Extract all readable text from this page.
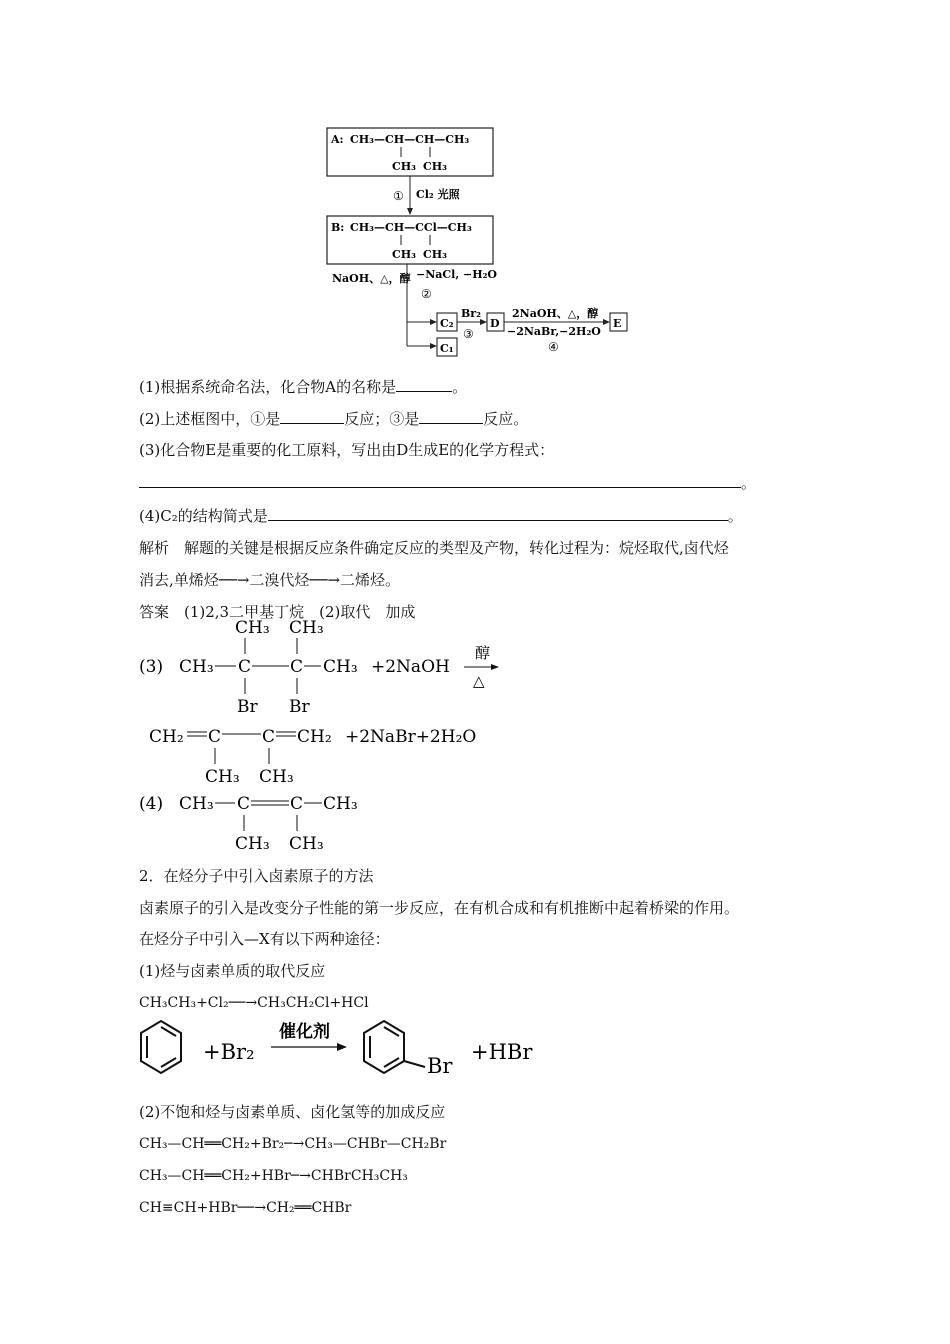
A: CH₃—CH—CH—CH₃
CH₃ CH₃
① Cl₂ 光照
B: CH₃—CH—CCl—CH₃
CH₃ CH₃
NaOH、△，醇 −NaCl, −H₂O
②
C₂
C₁
Br₂
③
D
2NaOH、△，醇
−2NaBr,−2H₂O
④
E
(1)根据系统命名法，化合物A的名称是	。
(2)上述框图中，①是	反应；③是	反应。
(3)化合物E是重要的化工原料，写出由D生成E的化学方程式：
。
(4)C₂的结构简式是	。
解析　解题的关键是根据反应条件确定反应的类型及产物，转化过程为：烷烃取代,卤代烃
消去,单烯烃──→二溴代烃──→二烯烃。
答案　(1)2,3二甲基丁烷　(2)取代　加成
CH₃ CH₃
(3) CH₃ C C CH₃ +2NaOH
醇
△
Br Br
CH₂ C C CH₂ +2NaBr+2H₂O
CH₃ CH₃
(4) CH₃ C C CH₃
CH₃ CH₃
2．在烃分子中引入卤素原子的方法
卤素原子的引入是改变分子性能的第一步反应，在有机合成和有机推断中起着桥梁的作用。
在烃分子中引入—X有以下两种途径：
(1)烃与卤素单质的取代反应
CH₃CH₃+Cl₂──→CH₃CH₂Cl+HCl
+Br₂
催化剂
Br
+HBr
(2)不饱和烃与卤素单质、卤化氢等的加成反应
CH₃—CH══CH₂+Br₂─→CH₃—CHBr—CH₂Br
CH₃—CH══CH₂+HBr─→CHBrCH₃CH₃
CH≡CH+HBr──→CH₂══CHBr
